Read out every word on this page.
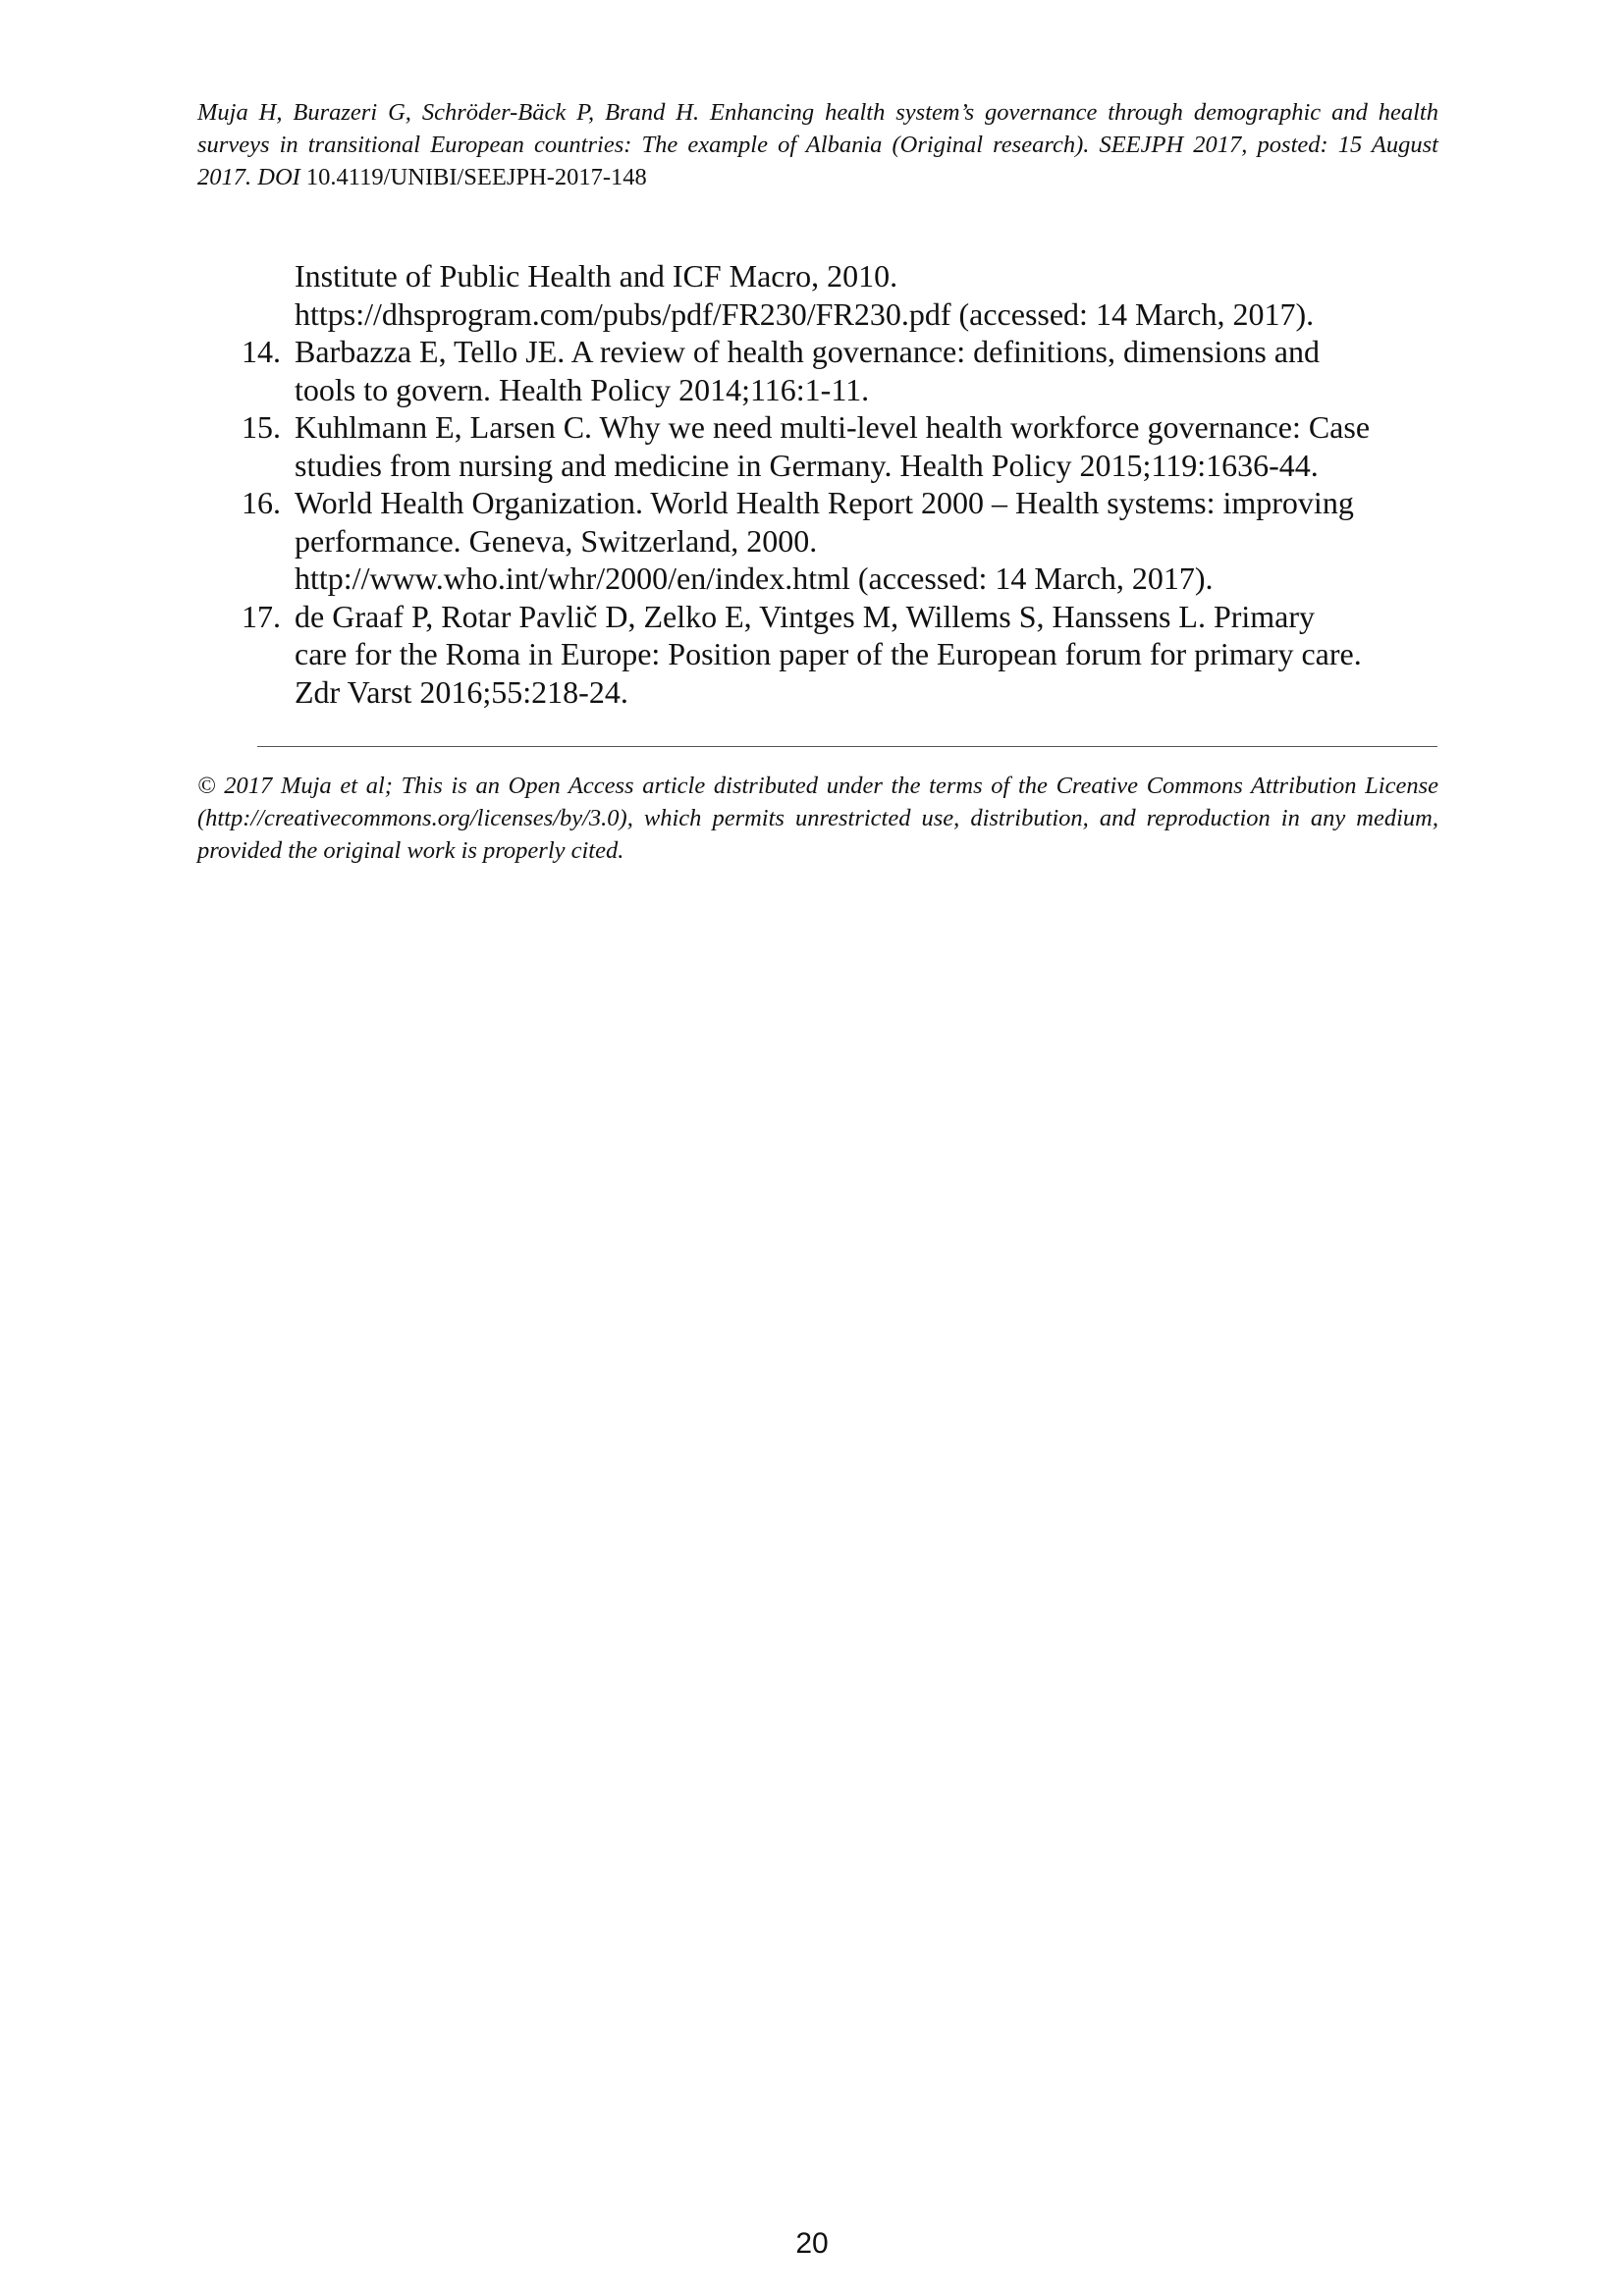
Muja H, Burazeri G, Schröder-Bäck P, Brand H. Enhancing health system’s governance through demographic and health surveys in transitional European countries: The example of Albania (Original research). SEEJPH 2017, posted: 15 August 2017. DOI 10.4119/UNIBI/SEEJPH-2017-148

Institute of Public Health and ICF Macro, 2010.
https://dhsprogram.com/pubs/pdf/FR230/FR230.pdf (accessed: 14 March, 2017).
14. Barbazza E, Tello JE. A review of health governance: definitions, dimensions and
tools to govern. Health Policy 2014;116:1-11.
15. Kuhlmann E, Larsen C. Why we need multi-level health workforce governance: Case
studies from nursing and medicine in Germany. Health Policy 2015;119:1636-44.
16. World Health Organization. World Health Report 2000 – Health systems: improving
performance. Geneva, Switzerland, 2000.
http://www.who.int/whr/2000/en/index.html (accessed: 14 March, 2017).
17. de Graaf P, Rotar Pavlič D, Zelko E, Vintges M, Willems S, Hanssens L. Primary
care for the Roma in Europe: Position paper of the European forum for primary care.
Zdr Varst 2016;55:218-24.

© 2017 Muja et al; This is an Open Access article distributed under the terms of the Creative Commons Attribution License (http://creativecommons.org/licenses/by/3.0), which permits unrestricted use, distribution, and reproduction in any medium, provided the original work is properly cited.

20
